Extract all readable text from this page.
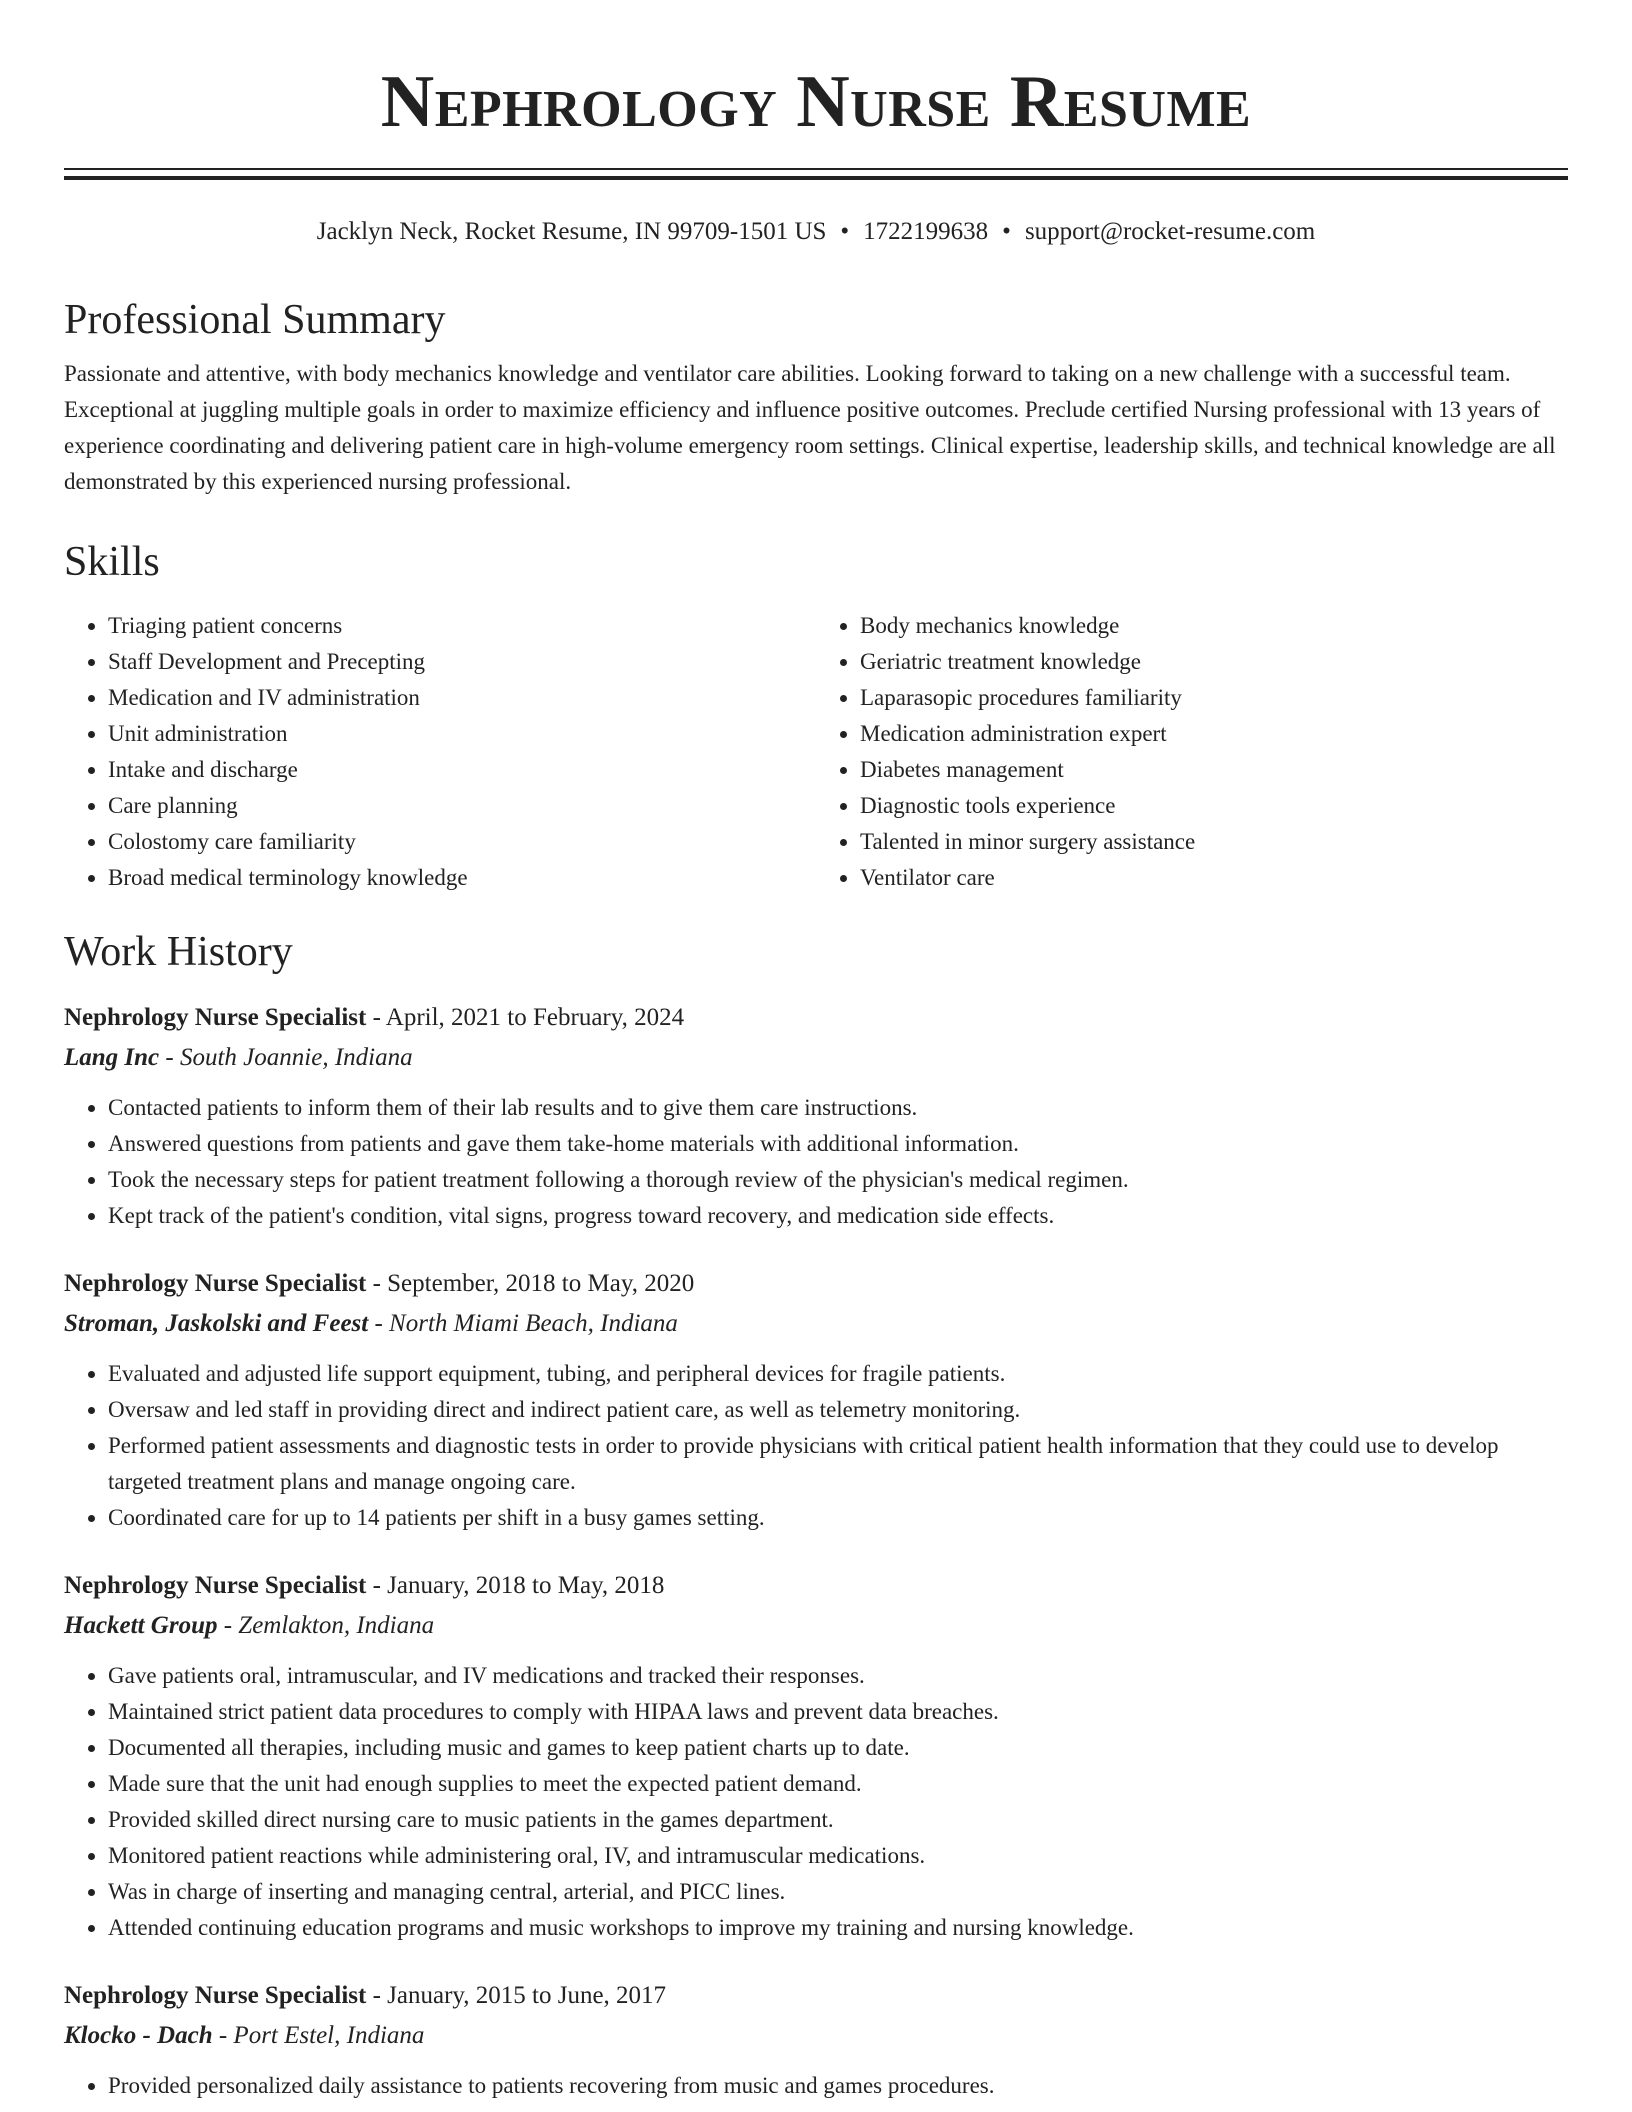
Nephrology Nurse Resume
Jacklyn Neck, Rocket Resume, IN 99709-1501 US • 1722199638 • support@rocket-resume.com
Professional Summary

Passionate and attentive, with body mechanics knowledge and ventilator care abilities. Looking forward to taking on a new challenge with a successful team. Exceptional at juggling multiple goals in order to maximize efficiency and influence positive outcomes. Preclude certified Nursing professional with 13 years of experience coordinating and delivering patient care in high-volume emergency room settings. Clinical expertise, leadership skills, and technical knowledge are all demonstrated by this experienced nursing professional.

Skills
• Triaging patient concerns
• Staff Development and Precepting
• Medication and IV administration
• Unit administration
• Intake and discharge
• Care planning
• Colostomy care familiarity
• Broad medical terminology knowledge
• Body mechanics knowledge
• Geriatric treatment knowledge
• Laparasopic procedures familiarity
• Medication administration expert
• Diabetes management
• Diagnostic tools experience
• Talented in minor surgery assistance
• Ventilator care
Work History
Nephrology Nurse Specialist - April, 2021 to February, 2024
Lang Inc - South Joannie, Indiana
• Contacted patients to inform them of their lab results and to give them care instructions.
• Answered questions from patients and gave them take-home materials with additional information.
• Took the necessary steps for patient treatment following a thorough review of the physician's medical regimen.
• Kept track of the patient's condition, vital signs, progress toward recovery, and medication side effects.
Nephrology Nurse Specialist - September, 2018 to May, 2020
Stroman, Jaskolski and Feest - North Miami Beach, Indiana
• Evaluated and adjusted life support equipment, tubing, and peripheral devices for fragile patients.
• Oversaw and led staff in providing direct and indirect patient care, as well as telemetry monitoring.
• Performed patient assessments and diagnostic tests in order to provide physicians with critical patient health information that they could use to develop targeted treatment plans and manage ongoing care.
• Coordinated care for up to 14 patients per shift in a busy games setting.
Nephrology Nurse Specialist - January, 2018 to May, 2018
Hackett Group - Zemlakton, Indiana
• Gave patients oral, intramuscular, and IV medications and tracked their responses.
• Maintained strict patient data procedures to comply with HIPAA laws and prevent data breaches.
• Documented all therapies, including music and games to keep patient charts up to date.
• Made sure that the unit had enough supplies to meet the expected patient demand.
• Provided skilled direct nursing care to music patients in the games department.
• Monitored patient reactions while administering oral, IV, and intramuscular medications.
• Was in charge of inserting and managing central, arterial, and PICC lines.
• Attended continuing education programs and music workshops to improve my training and nursing knowledge.
Nephrology Nurse Specialist - January, 2015 to June, 2017
Klocko - Dach - Port Estel, Indiana
• Provided personalized daily assistance to patients recovering from music and games procedures.
